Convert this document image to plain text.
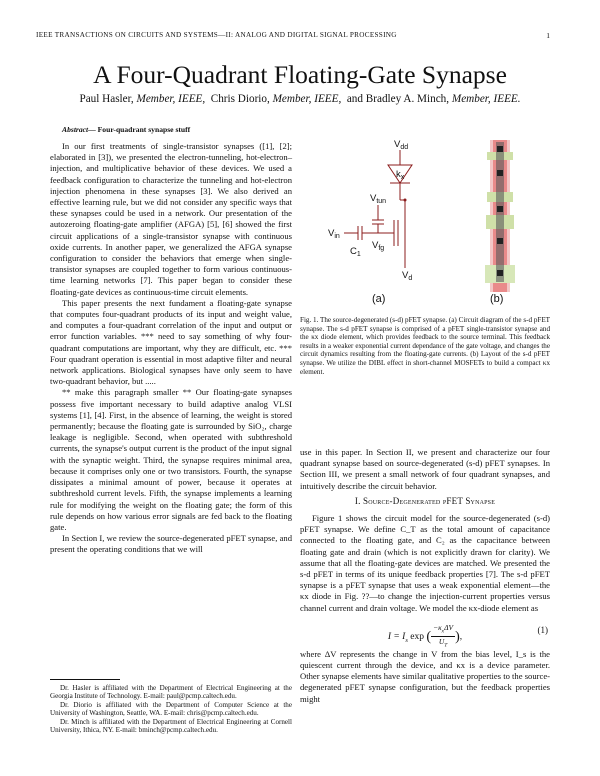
IEEE TRANSACTIONS ON CIRCUITS AND SYSTEMS—II: ANALOG AND DIGITAL SIGNAL PROCESSING	1
A Four-Quadrant Floating-Gate Synapse
Paul Hasler, Member, IEEE, Chris Diorio, Member, IEEE, and Bradley A. Minch, Member, IEEE.

Abstract— Four-quadrant synapse stuff

In our first treatments of single-transistor synapses ([1], [2]; elaborated in [3]), we presented the electron-tunneling, hot-electron–injection, and multiplicative behavior of these devices. We used a feedback configuration to characterize the tunneling and hot-electron injection phenomena in these synapses [3]. We also derived an effective learning rule, but we did not consider any specific ways that these synapses could be used in a network. Our presentation of the autozeroing floating-gate amplifier (AFGA) [5], [6] showed the first circuit applications of a single-transistor synapse with continuous oxide currents. In another paper, we generalized the AFGA synapse configuration to consider the behaviors that emerge when single-transistor synapses are coupled together to form various continuous-time learning networks [7]. This paper began to consider these floating-gate devices as continuous-time circuit elements.

This paper presents the next fundament a floating-gate synapse that computes four-quadrant products of its input and weight value, and computes a four-quadrant correlation of the input and output or error function variables. *** need to say something of why four-quadrant computations are important, why they are difficult, etc. *** Four quadrant operation is essential in most adaptive filter and neural network applications. Biological synapses have only seem to have two-quadrant behavior, but .....

** make this paragraph smaller ** Our floating-gate synapses possess five important necessary to build adaptive analog VLSI systems [1], [4]. First, in the absence of learning, the weight is stored permanently; because the floating gate is surrounded by SiO₂, charge leakage is negligible. Second, when operated with subthreshold currents, the synapse's output current is the product of the input signal with the synaptic weight. Third, the synapse requires minimal area, because it comprises only one or two transistors. Fourth, the synapse dissipates a minimal amount of power, because it operates at subthreshold current levels. Fifth, the synapse implements a learning rule for modifying the weight on the floating gate; the form of this rule depends on how various error signals are fed back to the floating gate.

In Section I, we review the source-degenerated pFET synapse, and present the operating conditions that we will

Dr. Hasler is affiliated with the Department of Electrical Engineering at the Georgia Institute of Technology. E-mail: paul@pcmp.caltech.edu.

Dr. Diorio is affiliated with the Department of Computer Science at the University of Washington, Seattle, WA. E-mail: chris@pcmp.caltech.edu.

Dr. Minch is affiliated with the Department of Electrical Engineering at Cornell University, Ithica, NY. E-mail: bminch@pcmp.caltech.edu.

$V_{dd}$
$k_x$
$V_{tun}$
$V_{in}$
$C_1$
$V_{fg}$
$V_d$
(a)	(b)
Fig. 1. The source-degenerated (s-d) pFET synapse. (a) Circuit diagram of the s-d pFET synapse. The s-d pFET synapse is comprised of a pFET single-transistor synapse and the κx diode element, which provides feedback to the source terminal. This feedback results in a weaker exponential current dependance of the gate voltage, and changes the circuit dynamics resulting from the floating-gate currents. (b) Layout of the s-d pFET synapse. We utilize the DIBL effect in short-channel MOSFETs to build a compact κx element.

use in this paper. In Section II, we present and characterize our four quadrant synapse based on source-degenerated (s-d) pFET synapses. In Section III, we present a small network of four quadrant synapses, and intuitively describe the circuit behavior.

I. Source-Degenerated pFET Synapse

Figure 1 shows the circuit model for the source-degenerated (s-d) pFET synapse. We define C_T as the total amount of capacitance connected to the floating gate, and C₂ as the capacitance between floating gate and drain (which is not explicitly drawn for clarity). We assume that all the floating-gate devices are matched. We presented the s-d pFET in terms of its unique feedback properties [7]. The s-d pFET synapse is a pFET synapse that uses a weak exponential element—the κx diode in Fig. ??—to change the injection-current properties versus channel current and drain voltage. We model the κx-diode element as

$I = I_s$ exp ( $\frac{-\kappa_x\Delta V}{U_T}$ ),
(1)

where ΔV represents the change in V from the bias level, I_s is the quiescent current through the device, and κx is a device parameter. Other synapse elements have similar qualitative properties to the source-degenerated pFET synapse configuration, but the feedback properties might
